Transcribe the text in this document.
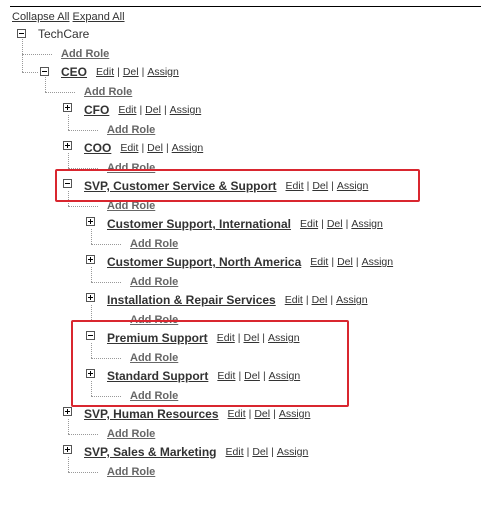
Collapse All Expand All
TechCare
Add Role
CEO Edit | Del | Assign
Add Role
CFO Edit | Del | Assign
Add Role
COO Edit | Del | Assign
Add Role
SVP, Customer Service & Support Edit | Del | Assign
Add Role
Customer Support, International Edit | Del | Assign
Add Role
Customer Support, North America Edit | Del | Assign
Add Role
Installation & Repair Services Edit | Del | Assign
Add Role
Premium Support Edit | Del | Assign
Add Role
Standard Support Edit | Del | Assign
Add Role
SVP, Human Resources Edit | Del | Assign
Add Role
SVP, Sales & Marketing Edit | Del | Assign
Add Role
